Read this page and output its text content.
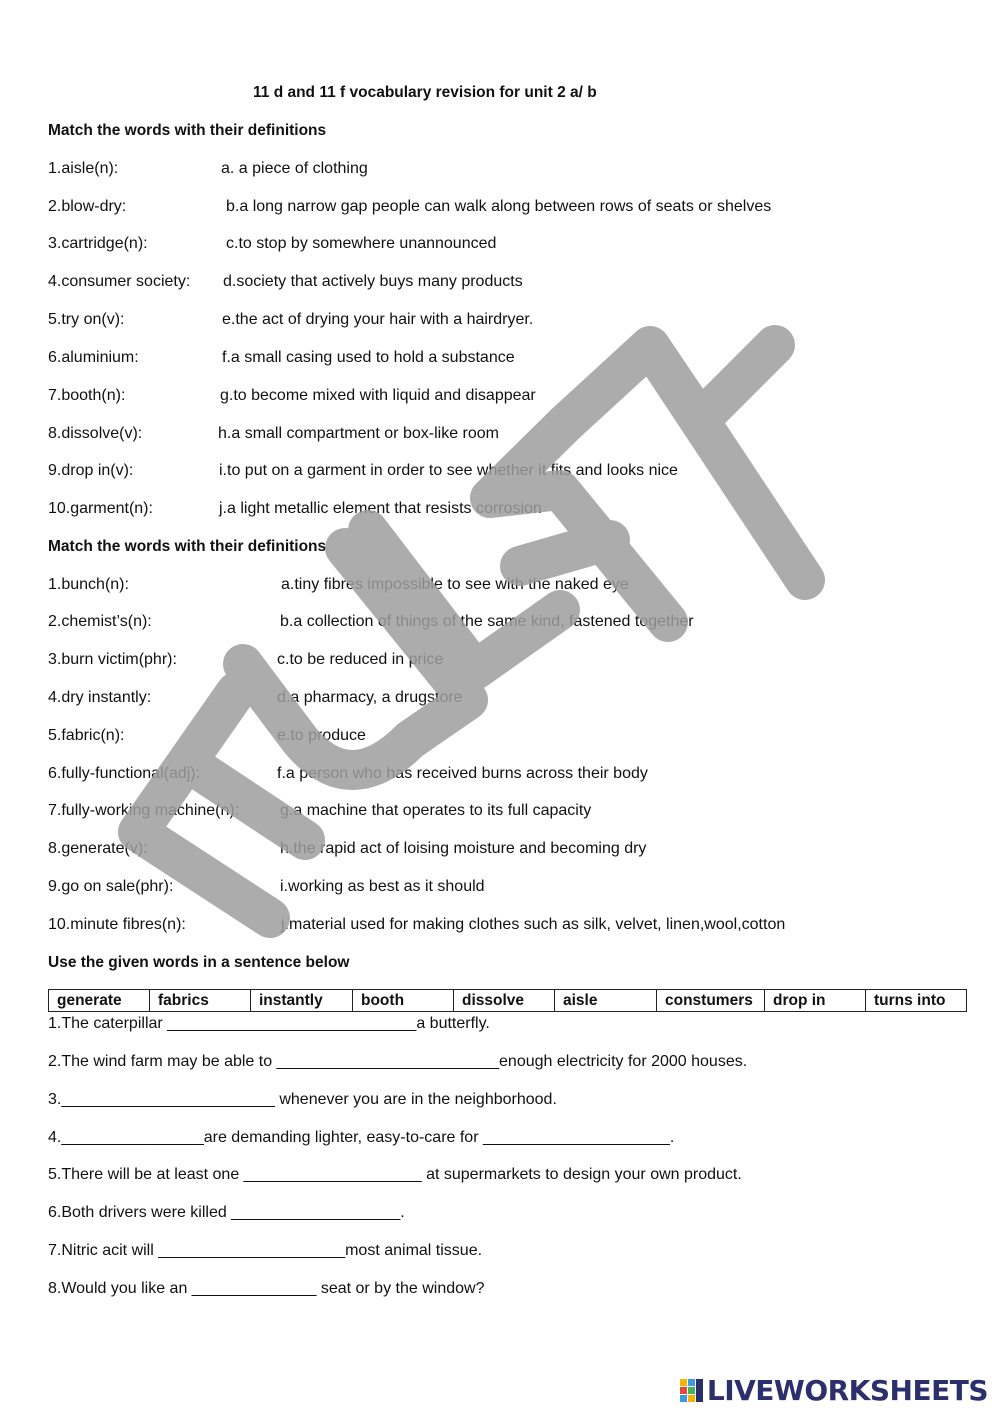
11 d and 11 f vocabulary revision for unit 2 a/ b
Match the words with their definitions
1.aisle(n):	a. a piece of clothing
2.blow-dry:	b.a long narrow gap people can walk along between rows of seats or shelves
3.cartridge(n):	c.to stop by somewhere unannounced
4.consumer society: d.society that actively buys many products
5.try on(v):	e.the act of drying your hair with a hairdryer.
6.aluminium:	f.a small casing used to hold a substance
7.booth(n):	g.to become mixed with liquid and disappear
8.dissolve(v):	h.a small compartment or box-like room
9.drop in(v):	i.to put on a garment in order to see whether it fits and looks nice
10.garment(n):	j.a light metallic element that resists corrosion
Match the words with their definitions
1.bunch(n):	a.tiny fibres impossible to see with the naked eye
2.chemist’s(n):	b.a collection of things of the same kind, fastened together
3.burn victim(phr):	c.to be reduced in price
4.dry instantly:	d.a pharmacy, a drugstore
5.fabric(n):	e.to produce
6.fully-functional(adj):	f.a person who has received burns across their body
7.fully-working machine(n):	g.a machine that operates to its full capacity
8.generate(v):	h.the rapid act of loising moisture and becoming dry
9.go on sale(phr):	i.working as best as it should
10.minute fibres(n):	j.material used for making clothes such as silk, velvet, linen,wool,cotton
Use the given words in a sentence below
generate	fabrics	instantly	booth	dissolve	aisle	constumers	drop in	turns into
1.The caterpillar ____________________________a butterfly.
2.The wind farm may be able to _________________________enough electricity for 2000 houses.
3.________________________ whenever you are in the neighborhood.
4.________________are demanding lighter, easy-to-care for _____________________.
5.There will be at least one ____________________ at supermarkets to design your own product.
6.Both drivers were killed ___________________.
7.Nitric acit will _____________________most animal tissue.
8.Would you like an ______________ seat or by the window?
LIVEWORKSHEETS
